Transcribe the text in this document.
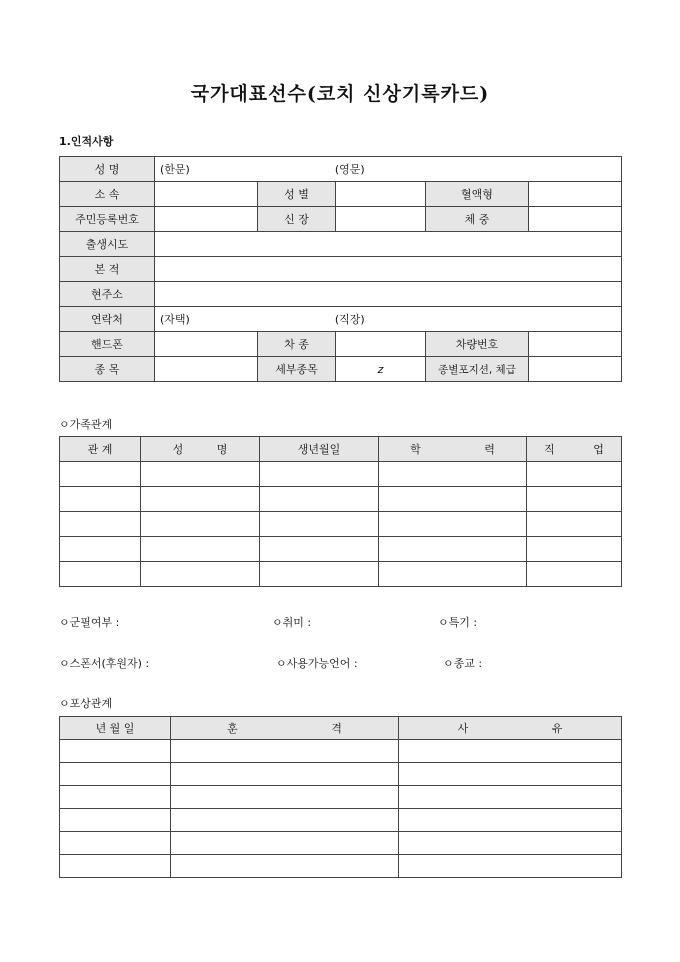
국가대표선수(코치 신상기록카드)
1.인적사항
성 명	(한문) (영문)				
소 속		성 별		혈액형	
주민등록번호		신 장		체 중	
출생시도					
본 적					
현주소					
연락처	(자택) (직장)				
핸드폰		차 종		차량번호	
종 목		세부종목	z	종별포지션, 체급	
ㅇ가족관계
관 계	성 명	생년월일	학 력	직 업

ㅇ군필여부 :	ㅇ취미 :	ㅇ특기 :
ㅇ스폰서(후원자) :	ㅇ사용가능언어 :	ㅇ종교 :
ㅇ포상관계
년 월 일	훈 격	사 유
